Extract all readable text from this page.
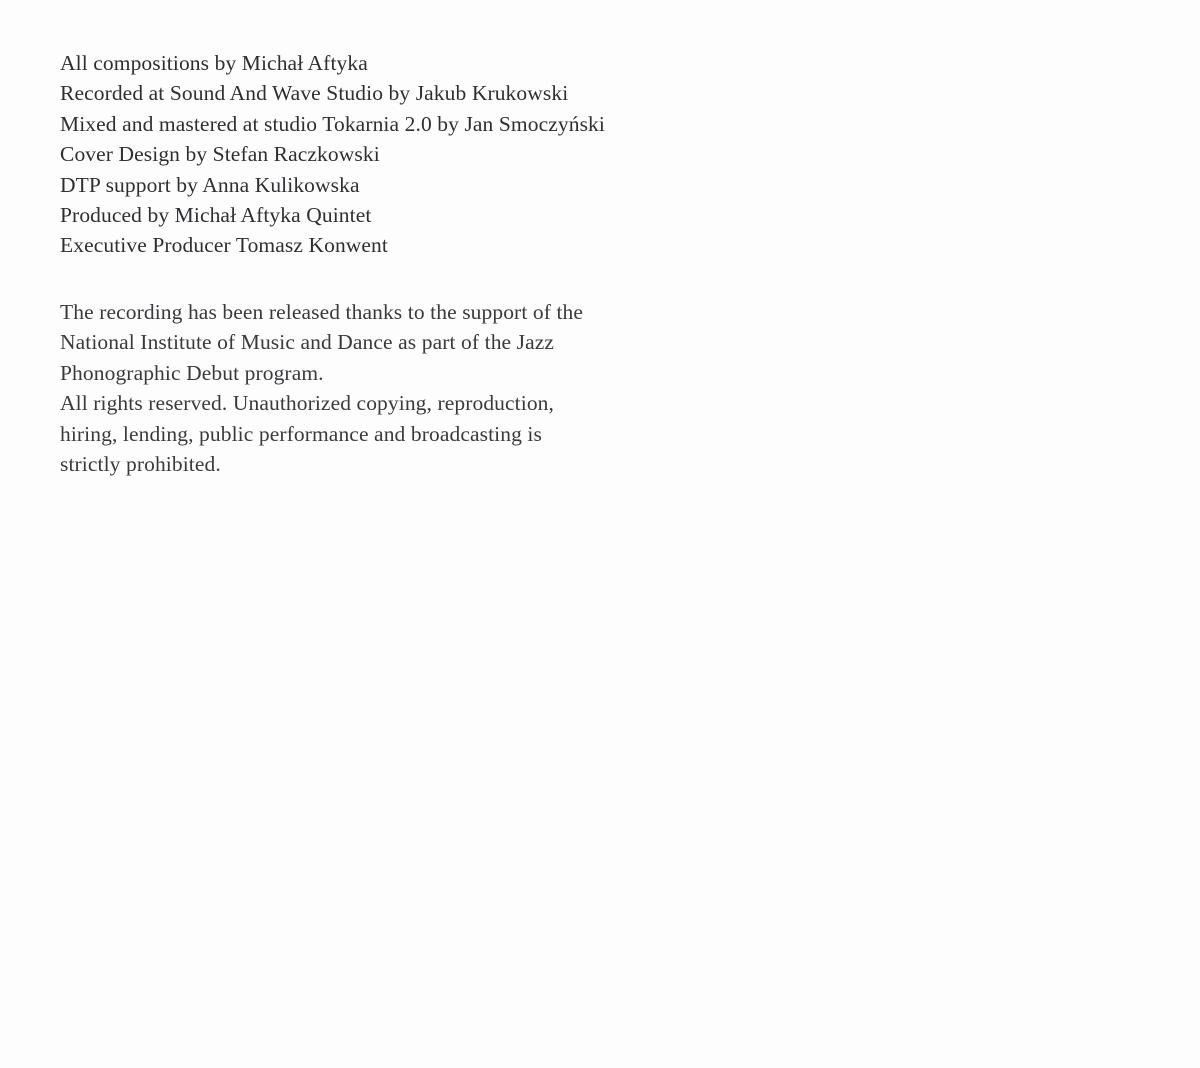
All compositions by Michał Aftyka
Recorded at Sound And Wave Studio by Jakub Krukowski
Mixed and mastered at studio Tokarnia 2.0 by Jan Smoczyński
Cover Design by Stefan Raczkowski
DTP support by Anna Kulikowska
Produced by Michał Aftyka Quintet
Executive Producer Tomasz Konwent
The recording has been released thanks to the support of the
National Institute of Music and Dance as part of the Jazz
Phonographic Debut program.
All rights reserved. Unauthorized copying, reproduction,
hiring, lending, public performance and broadcasting is
strictly prohibited.
